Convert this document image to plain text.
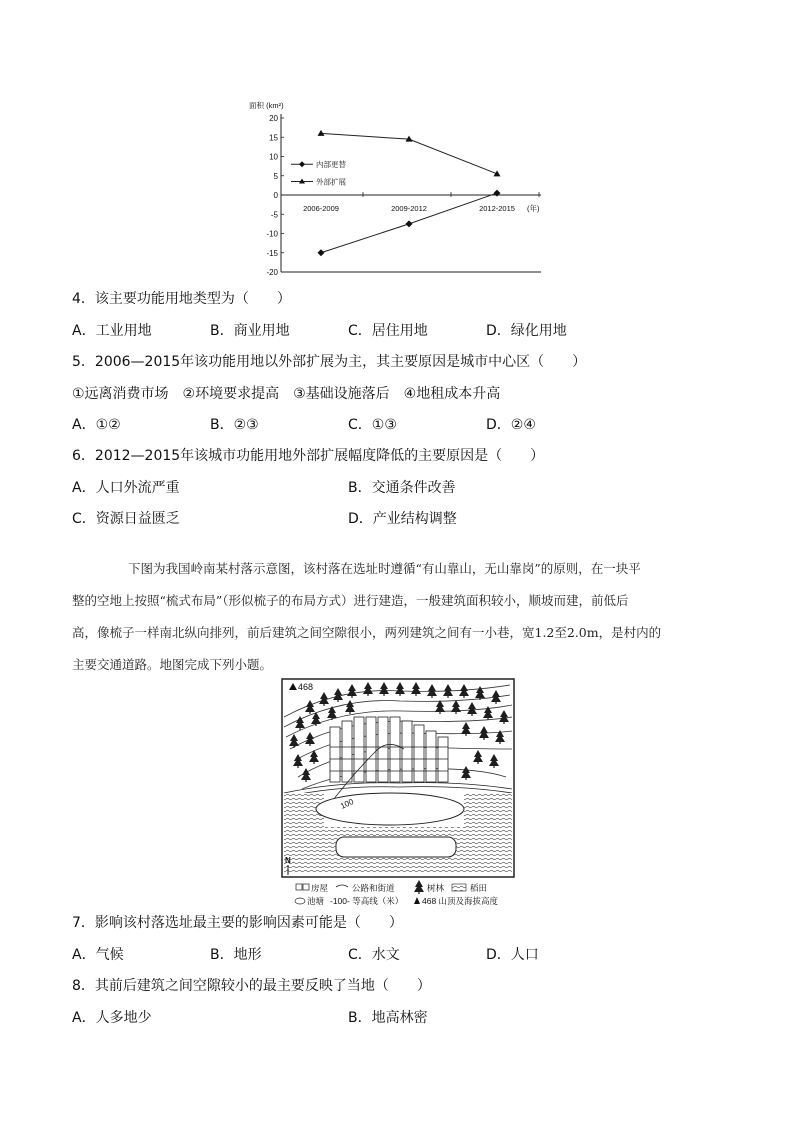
面积 (km²)
20
15
10
5
0
-5
-10
-15
-20
2006-2009	2009-2012	2012-2015 (年)
内部更替
外部扩展
4．该主要功能用地类型为（　　）
A．工业用地	B．商业用地	C．居住用地	D．绿化用地
5．2006—2015年该功能用地以外部扩展为主，其主要原因是城市中心区（　　）
①远离消费市场　②环境要求提高　③基础设施落后　④地租成本升高
A．①②	B．②③	C．①③	D．②④
6．2012—2015年该城市功能用地外部扩展幅度降低的主要原因是（　　）
A．人口外流严重	B．交通条件改善
C．资源日益匮乏	D．产业结构调整
下图为我国岭南某村落示意图，该村落在选址时遵循“有山靠山，无山靠岗”的原则，在一块平
整的空地上按照“梳式布局”（形似梳子的布局方式）进行建造，一般建筑面积较小，顺坡而建，前低后
高，像梳子一样南北纵向排列，前后建筑之间空隙很小，两列建筑之间有一小巷，宽1.2至2.0m，是村内的
主要交通道路。地图完成下列小题。
468
100
N
房屋	公路和街道	树林	稻田
池塘 -100- 等高线（米） 468 山顶及海拔高度
7．影响该村落选址最主要的影响因素可能是（　　）
A．气候	B．地形	C．水文	D．人口
8．其前后建筑之间空隙较小的最主要反映了当地（　　）
A．人多地少	B．地高林密
